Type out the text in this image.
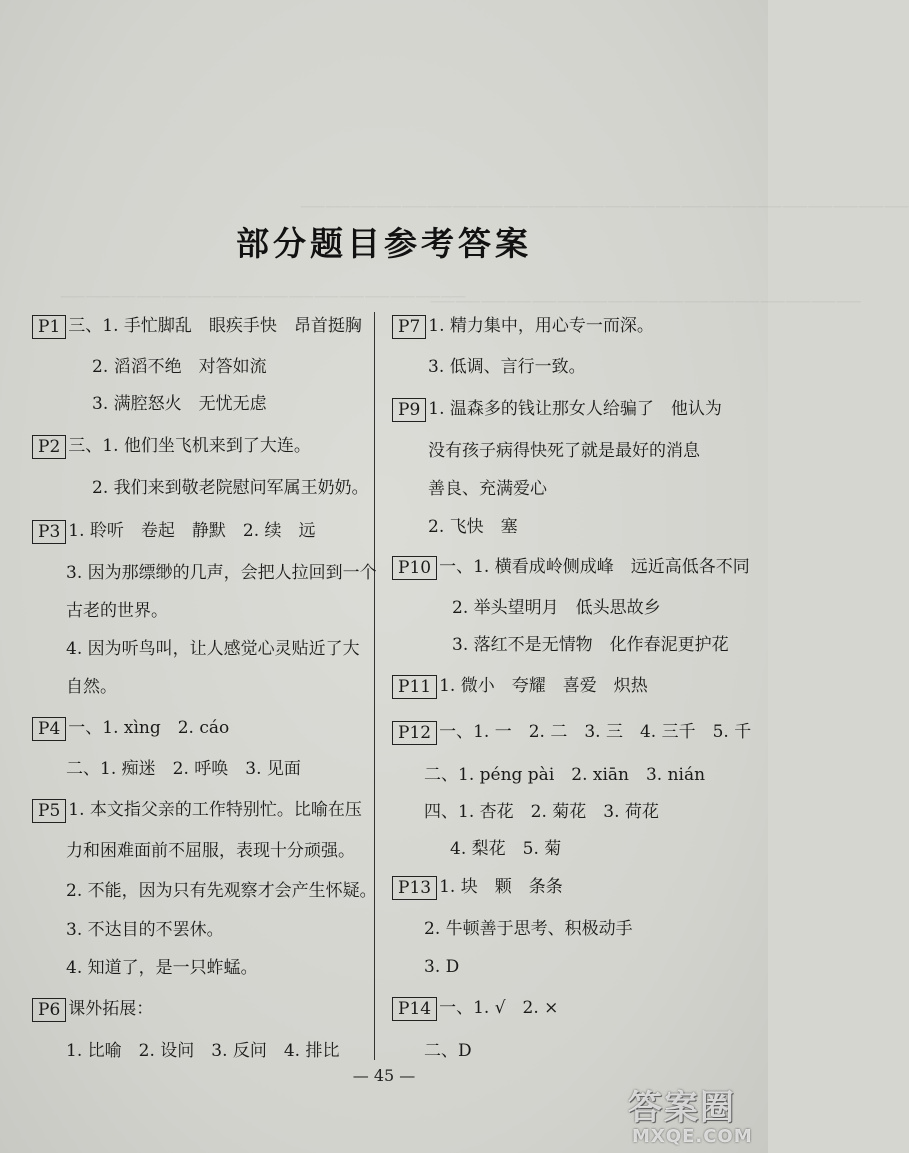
⸺⸺⸺⸺⸺⸺⸺⸺⸺⸺⸺⸺⸺⸺⸺⸺⸺⸺⸺⸺⸺⸺⸺⸺
⸺⸺⸺⸺⸺⸺⸺⸺⸺⸺⸺⸺⸺⸺⸺⸺⸺
⸺⸺⸺⸺⸺⸺⸺⸺⸺⸺⸺⸺⸺⸺⸺⸺
部分题目参考答案
P1 三、1. 手忙脚乱　眼疾手快　昂首挺胸
2. 滔滔不绝　对答如流
3. 满腔怒火　无忧无虑
P2 三、1. 他们坐飞机来到了大连。
2. 我们来到敬老院慰问军属王奶奶。
P3 1. 聆听　卷起　静默　2. 续　远
3. 因为那缥缈的几声，会把人拉回到一个
古老的世界。
4. 因为听鸟叫，让人感觉心灵贴近了大
自然。
P4 一、1. xìng　2. cáo
二、1. 痴迷　2. 呼唤　3. 见面
P5 1. 本文指父亲的工作特别忙。比喻在压
力和困难面前不屈服，表现十分顽强。
2. 不能，因为只有先观察才会产生怀疑。
3. 不达目的不罢休。
4. 知道了，是一只蚱蜢。
P6 课外拓展：
1. 比喻　2. 设问　3. 反问　4. 排比
P7 1. 精力集中，用心专一而深。
3. 低调、言行一致。
P9 1. 温森多的钱让那女人给骗了　他认为
没有孩子病得快死了就是最好的消息
善良、充满爱心
2. 飞快　塞
P10 一、1. 横看成岭侧成峰　远近高低各不同
2. 举头望明月　低头思故乡
3. 落红不是无情物　化作春泥更护花
P11 1. 微小　夸耀　喜爱　炽热
P12 一、1. 一　2. 二　3. 三　4. 三千　5. 千
二、1. péng pài　2. xiān　3. nián
四、1. 杏花　2. 菊花　3. 荷花
4. 梨花　5. 菊
P13 1. 块　颗　条条
2. 牛顿善于思考、积极动手
3. D
P14 一、1. √　2. ×
二、D
— 45 —
答案圈
MXQE.COM
